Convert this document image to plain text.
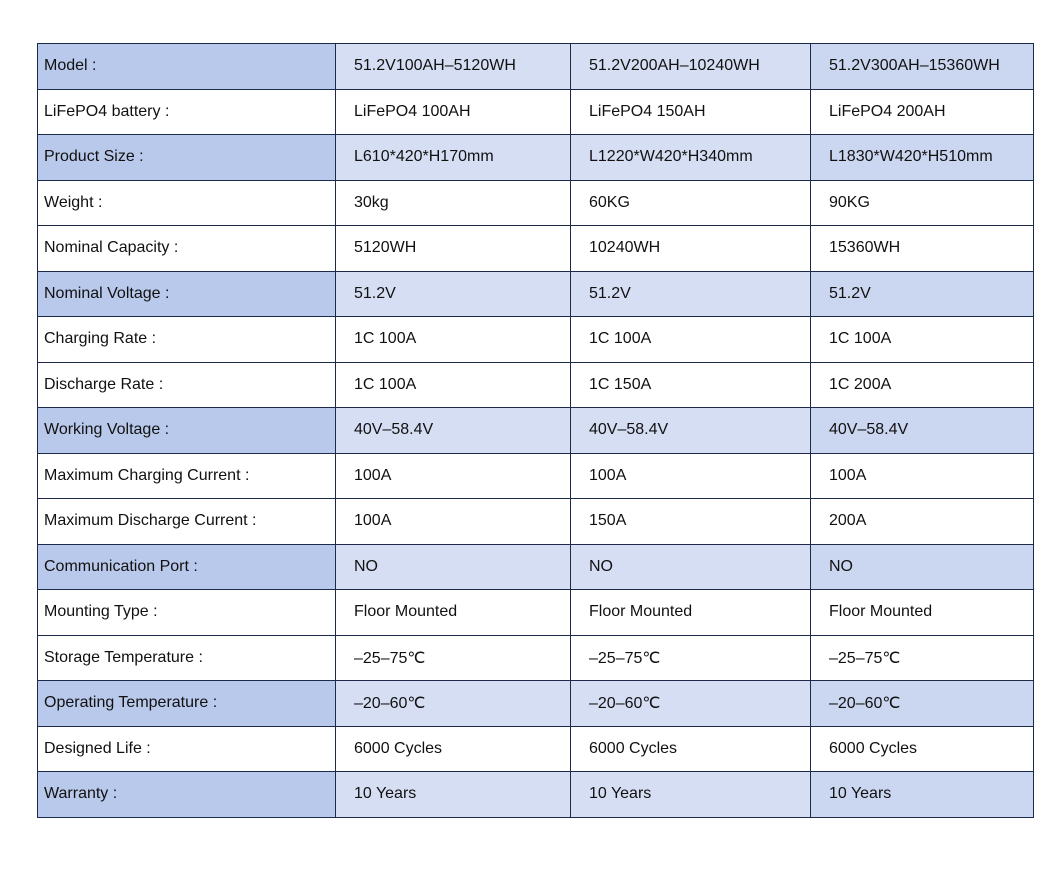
Model :	51.2V100AH–5120WH	51.2V200AH–10240WH	51.2V300AH–15360WH
LiFePO4 battery :	LiFePO4 100AH	LiFePO4 150AH	LiFePO4 200AH
Product Size :	L610*420*H170mm	L1220*W420*H340mm	L1830*W420*H510mm
Weight :	30kg	60KG	90KG
Nominal Capacity :	5120WH	10240WH	15360WH
Nominal Voltage :	51.2V	51.2V	51.2V
Charging Rate :	1C 100A	1C 100A	1C 100A
Discharge Rate :	1C 100A	1C 150A	1C 200A
Working Voltage :	40V–58.4V	40V–58.4V	40V–58.4V
Maximum Charging Current :	100A	100A	100A
Maximum Discharge Current :	100A	150A	200A
Communication Port :	NO	NO	NO
Mounting Type :	Floor Mounted	Floor Mounted	Floor Mounted
Storage Temperature :	–25–75℃	–25–75℃	–25–75℃
Operating Temperature :	–20–60℃	–20–60℃	–20–60℃
Designed Life :	6000 Cycles	6000 Cycles	6000 Cycles
Warranty :	10 Years	10 Years	10 Years
